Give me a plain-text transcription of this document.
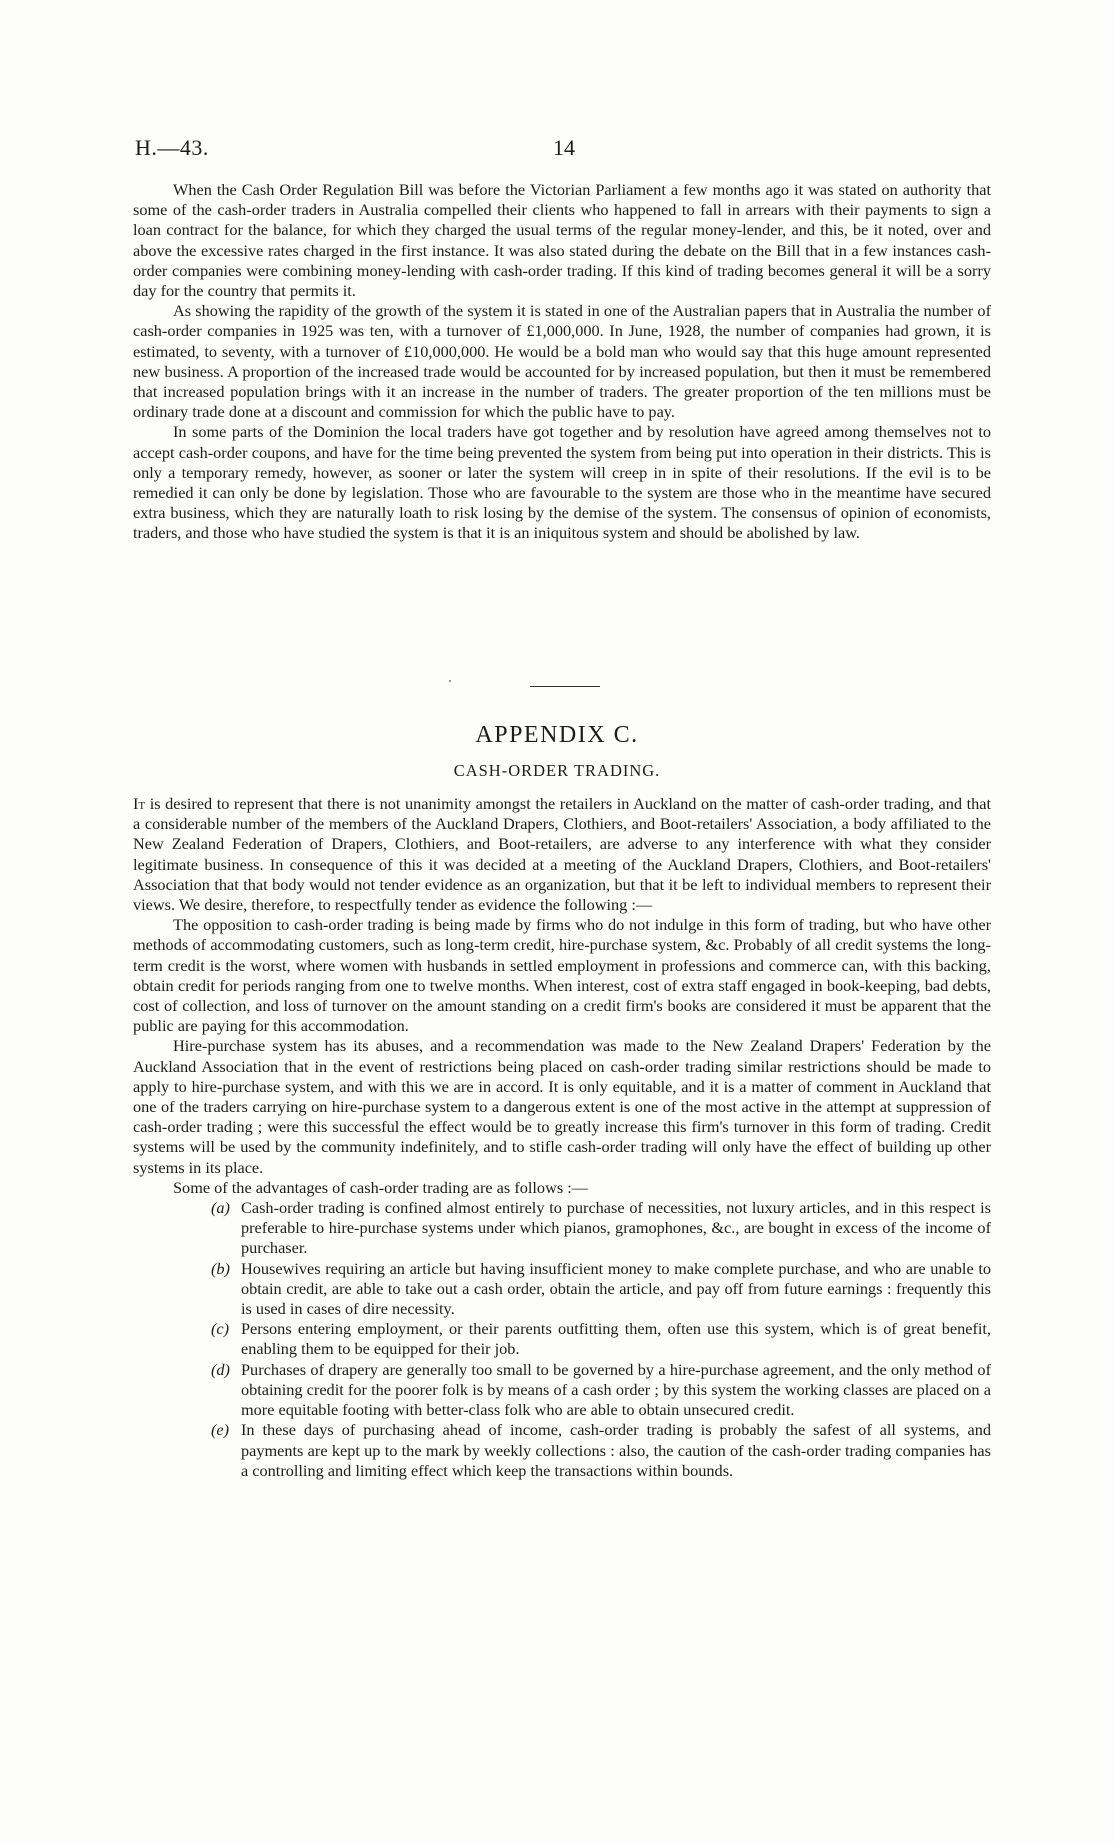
H.—43.	14

When the Cash Order Regulation Bill was before the Victorian Parliament a few months ago it was stated on authority that some of the cash-order traders in Australia compelled their clients who happened to fall in arrears with their payments to sign a loan contract for the balance, for which they charged the usual terms of the regular money-lender, and this, be it noted, over and above the excessive rates charged in the first instance. It was also stated during the debate on the Bill that in a few instances cash-order companies were combining money-lending with cash-order trading. If this kind of trading becomes general it will be a sorry day for the country that permits it.

As showing the rapidity of the growth of the system it is stated in one of the Australian papers that in Australia the number of cash-order companies in 1925 was ten, with a turnover of £1,000,000. In June, 1928, the number of companies had grown, it is estimated, to seventy, with a turnover of £10,000,000. He would be a bold man who would say that this huge amount represented new business. A proportion of the increased trade would be accounted for by increased population, but then it must be remembered that increased population brings with it an increase in the number of traders. The greater proportion of the ten millions must be ordinary trade done at a discount and commission for which the public have to pay.

In some parts of the Dominion the local traders have got together and by resolution have agreed among themselves not to accept cash-order coupons, and have for the time being prevented the system from being put into operation in their districts. This is only a temporary remedy, however, as sooner or later the system will creep in in spite of their resolutions. If the evil is to be remedied it can only be done by legislation. Those who are favourable to the system are those who in the meantime have secured extra business, which they are naturally loath to risk losing by the demise of the system. The consensus of opinion of economists, traders, and those who have studied the system is that it is an iniquitous system and should be abolished by law.

APPENDIX C.
CASH-ORDER TRADING.

It is desired to represent that there is not unanimity amongst the retailers in Auckland on the matter of cash-order trading, and that a considerable number of the members of the Auckland Drapers, Clothiers, and Boot-retailers' Association, a body affiliated to the New Zealand Federation of Drapers, Clothiers, and Boot-retailers, are adverse to any interference with what they consider legitimate business. In consequence of this it was decided at a meeting of the Auckland Drapers, Clothiers, and Boot-retailers' Association that that body would not tender evidence as an organization, but that it be left to individual members to represent their views. We desire, therefore, to respectfully tender as evidence the following :—

The opposition to cash-order trading is being made by firms who do not indulge in this form of trading, but who have other methods of accommodating customers, such as long-term credit, hire-purchase system, &c. Probably of all credit systems the long-term credit is the worst, where women with husbands in settled employment in professions and commerce can, with this backing, obtain credit for periods ranging from one to twelve months. When interest, cost of extra staff engaged in book-keeping, bad debts, cost of collection, and loss of turnover on the amount standing on a credit firm's books are considered it must be apparent that the public are paying for this accommodation.

Hire-purchase system has its abuses, and a recommendation was made to the New Zealand Drapers' Federation by the Auckland Association that in the event of restrictions being placed on cash-order trading similar restrictions should be made to apply to hire-purchase system, and with this we are in accord. It is only equitable, and it is a matter of comment in Auckland that one of the traders carrying on hire-purchase system to a dangerous extent is one of the most active in the attempt at suppression of cash-order trading ; were this successful the effect would be to greatly increase this firm's turnover in this form of trading. Credit systems will be used by the community indefinitely, and to stifle cash-order trading will only have the effect of building up other systems in its place.

Some of the advantages of cash-order trading are as follows :—

(a) Cash-order trading is confined almost entirely to purchase of necessities, not luxury articles, and in this respect is preferable to hire-purchase systems under which pianos, gramophones, &c., are bought in excess of the income of purchaser.
(b) Housewives requiring an article but having insufficient money to make complete purchase, and who are unable to obtain credit, are able to take out a cash order, obtain the article, and pay off from future earnings : frequently this is used in cases of dire necessity.
(c) Persons entering employment, or their parents outfitting them, often use this system, which is of great benefit, enabling them to be equipped for their job.
(d) Purchases of drapery are generally too small to be governed by a hire-purchase agreement, and the only method of obtaining credit for the poorer folk is by means of a cash order ; by this system the working classes are placed on a more equitable footing with better-class folk who are able to obtain unsecured credit.
(e) In these days of purchasing ahead of income, cash-order trading is probably the safest of all systems, and payments are kept up to the mark by weekly collections : also, the caution of the cash-order trading companies has a controlling and limiting effect which keep the transactions within bounds.
